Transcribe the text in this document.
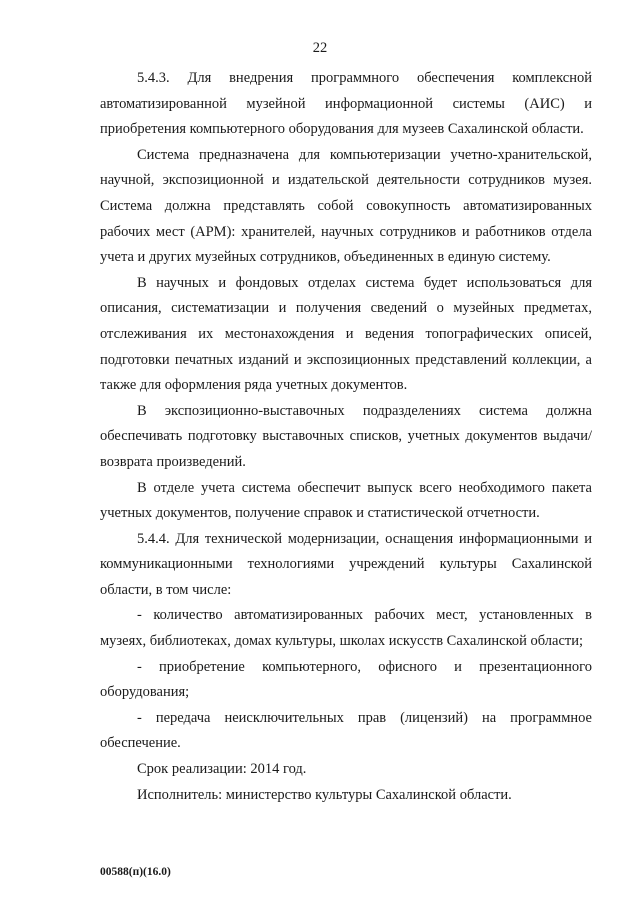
22

5.4.3. Для внедрения программного обеспечения комплексной автоматизированной музейной информационной системы (АИС) и приобретения компьютерного оборудования для музеев Сахалинской области.

Система предназначена для компьютеризации учетно-хранительской, научной, экспозиционной и издательской деятельности сотрудников музея. Система должна представлять собой совокупность автоматизированных рабочих мест (АРМ): хранителей, научных сотрудников и работников отдела учета и других музейных сотрудников, объединенных в единую систему.

В научных и фондовых отделах система будет использоваться для описания, систематизации и получения сведений о музейных предметах, отслеживания их местонахождения и ведения топографических описей, подготовки печатных изданий и экспозиционных представлений коллекции, а также для оформления ряда учетных документов.

В экспозиционно-выставочных подразделениях система должна обеспечивать подготовку выставочных списков, учетных документов выдачи/возврата произведений.

В отделе учета система обеспечит выпуск всего необходимого пакета учетных документов, получение справок и статистической отчетности.

5.4.4. Для технической модернизации, оснащения информационными и коммуникационными технологиями учреждений культуры Сахалинской области, в том числе:

- количество автоматизированных рабочих мест, установленных в музеях, библиотеках, домах культуры, школах искусств Сахалинской области;

- приобретение компьютерного, офисного и презентационного оборудования;

- передача неисключительных прав (лицензий) на программное обеспечение.

Срок реализации: 2014 год.

Исполнитель: министерство культуры Сахалинской области.

00588(п)(16.0)
